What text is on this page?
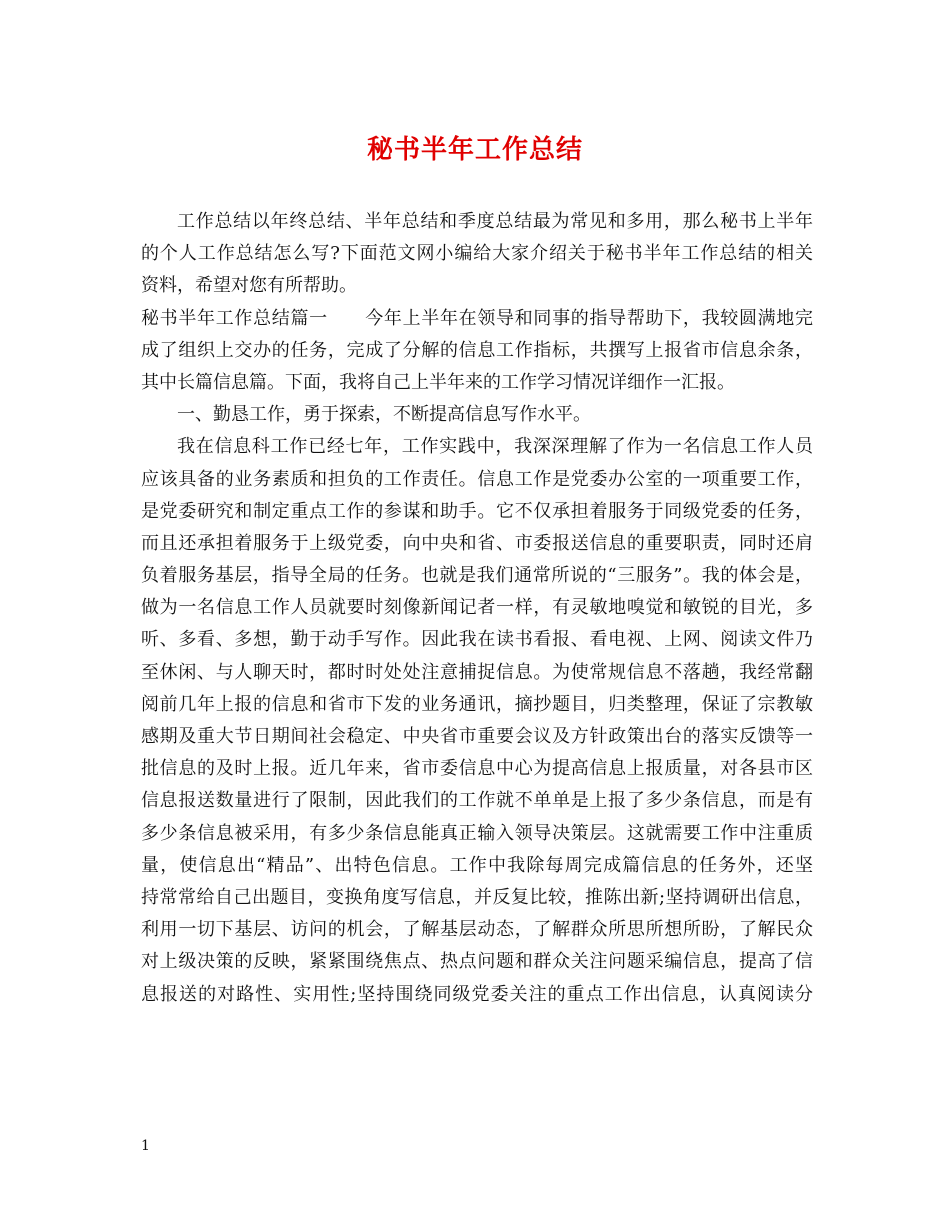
秘书半年工作总结
工作总结以年终总结、半年总结和季度总结最为常见和多用，那么秘书上半年
的个人工作总结怎么写?下面范文网小编给大家介绍关于秘书半年工作总结的相关
资料，希望对您有所帮助。
秘书半年工作总结篇一　　今年上半年在领导和同事的指导帮助下，我较圆满地完
成了组织上交办的任务，完成了分解的信息工作指标，共撰写上报省市信息余条，
其中长篇信息篇。下面，我将自己上半年来的工作学习情况详细作一汇报。
一、勤恳工作，勇于探索，不断提高信息写作水平。
我在信息科工作已经七年，工作实践中，我深深理解了作为一名信息工作人员
应该具备的业务素质和担负的工作责任。信息工作是党委办公室的一项重要工作，
是党委研究和制定重点工作的参谋和助手。它不仅承担着服务于同级党委的任务，
而且还承担着服务于上级党委，向中央和省、市委报送信息的重要职责，同时还肩
负着服务基层，指导全局的任务。也就是我们通常所说的“三服务”。我的体会是，
做为一名信息工作人员就要时刻像新闻记者一样，有灵敏地嗅觉和敏锐的目光，多
听、多看、多想，勤于动手写作。因此我在读书看报、看电视、上网、阅读文件乃
至休闲、与人聊天时，都时时处处注意捕捉信息。为使常规信息不落趟，我经常翻
阅前几年上报的信息和省市下发的业务通讯，摘抄题目，归类整理，保证了宗教敏
感期及重大节日期间社会稳定、中央省市重要会议及方针政策出台的落实反馈等一
批信息的及时上报。近几年来，省市委信息中心为提高信息上报质量，对各县市区
信息报送数量进行了限制，因此我们的工作就不单单是上报了多少条信息，而是有
多少条信息被采用，有多少条信息能真正输入领导决策层。这就需要工作中注重质
量，使信息出“精品”、出特色信息。工作中我除每周完成篇信息的任务外，还坚
持常常给自己出题目，变换角度写信息，并反复比较，推陈出新;坚持调研出信息，
利用一切下基层、访问的机会，了解基层动态，了解群众所思所想所盼，了解民众
对上级决策的反映，紧紧围绕焦点、热点问题和群众关注问题采编信息，提高了信
息报送的对路性、实用性;坚持围绕同级党委关注的重点工作出信息，认真阅读分
1
